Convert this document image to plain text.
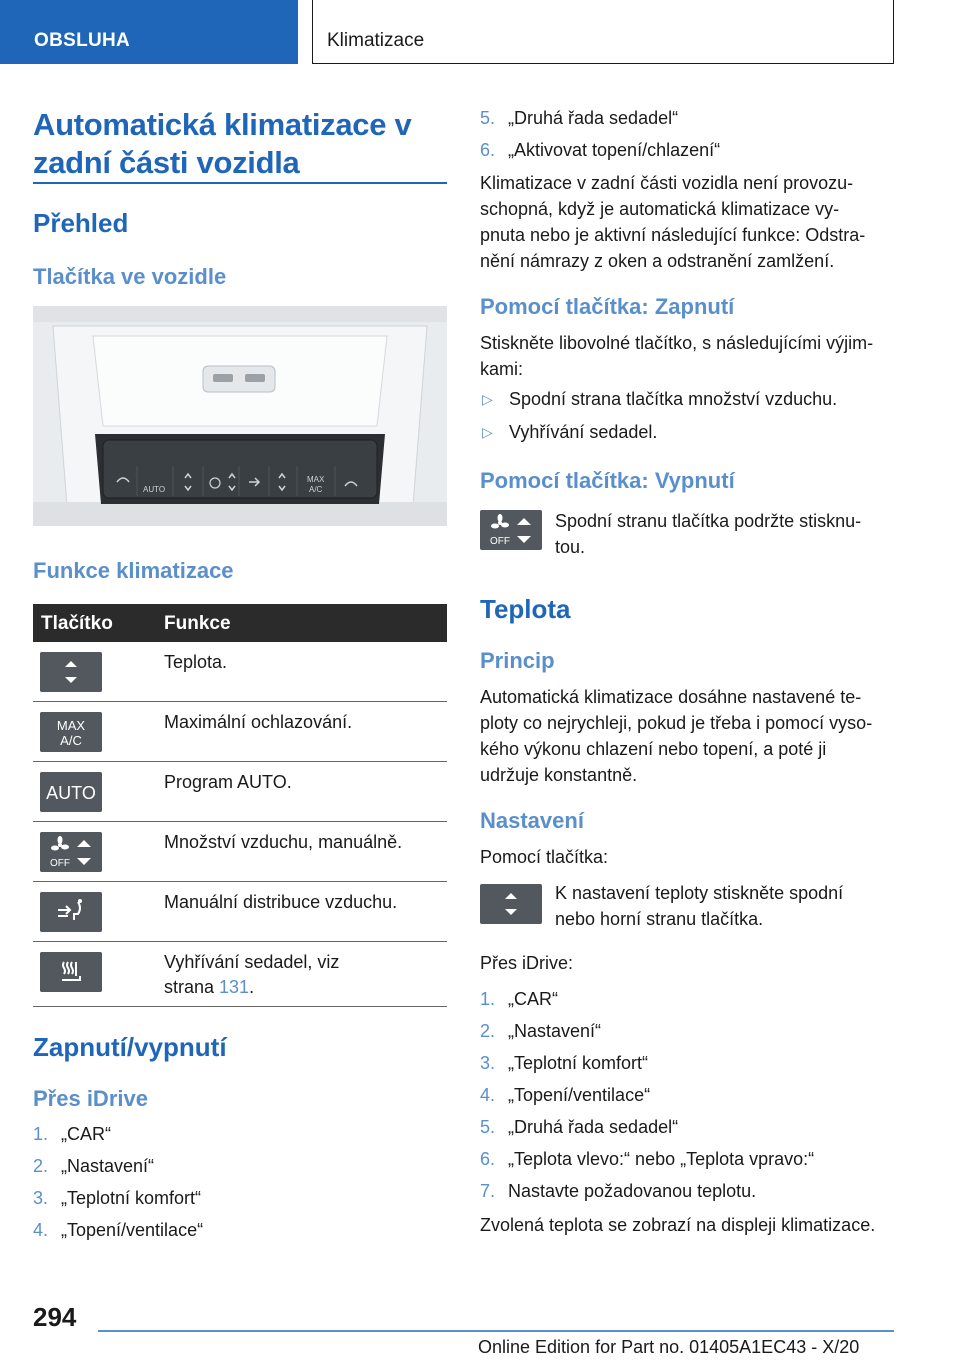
OBSLUHA	Klimatizace
Automatická klimatizace v
zadní části vozidla
Přehled
Tlačítka ve vozidle
AUTO
MAX
A/C
Funkce klimatizace
Tlačítko	Funkce
Teplota.
MAX
A/C
Maximální ochlazování.
AUTO
Program AUTO.
OFF
Množství vzduchu, manuálně.
Manuální distribuce vzduchu.
Vyhřívání sedadel, viz
strana 131.
Zapnutí/vypnutí
Přes iDrive
1. „CAR“
2. „Nastavení“
3. „Teplotní komfort“
4. „Topení/ventilace“
5. „Druhá řada sedadel“
6. „Aktivovat topení/chlazení“
Klimatizace v zadní části vozidla není provozu-
schopná, když je automatická klimatizace vy-
pnuta nebo je aktivní následující funkce: Odstra-
nění námrazy z oken a odstranění zamlžení.
Pomocí tlačítka: Zapnutí
Stiskněte libovolné tlačítko, s následujícími výjim-
kami:
▷ Spodní strana tlačítka množství vzduchu.
▷ Vyhřívání sedadel.
Pomocí tlačítka: Vypnutí
OFF
Spodní stranu tlačítka podržte stisknu-
tou.
Teplota
Princip
Automatická klimatizace dosáhne nastavené te-
ploty co nejrychleji, pokud je třeba i pomocí vyso-
kého výkonu chlazení nebo topení, a poté ji
udržuje konstantně.
Nastavení
Pomocí tlačítka:
K nastavení teploty stiskněte spodní
nebo horní stranu tlačítka.
Přes iDrive:
1. „CAR“
2. „Nastavení“
3. „Teplotní komfort“
4. „Topení/ventilace“
5. „Druhá řada sedadel“
6. „Teplota vlevo:“ nebo „Teplota vpravo:“
7. Nastavte požadovanou teplotu.
Zvolená teplota se zobrazí na displeji klimatizace.
294
Online Edition for Part no. 01405A1EC43 - X/20
